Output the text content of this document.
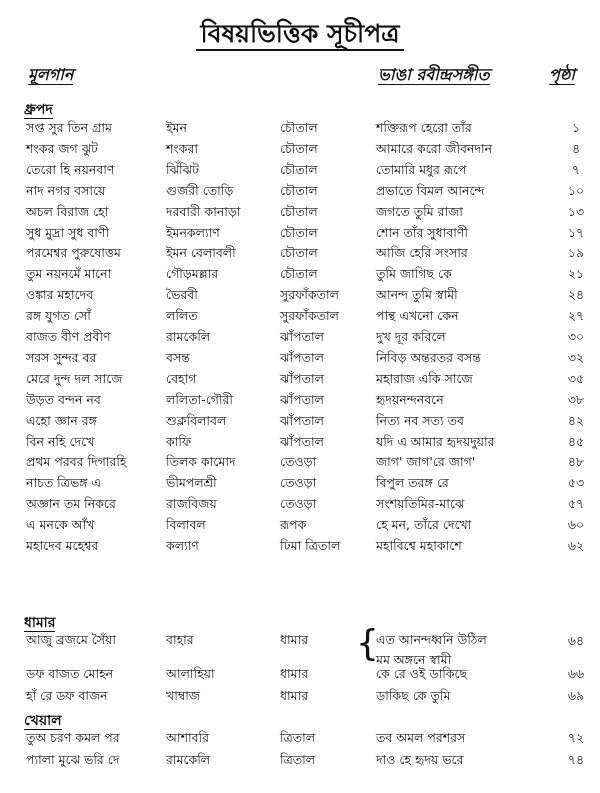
বিষয়ভিত্তিক সূচীপত্র
মূলগান	ভাঙা রবীন্দ্রসঙ্গীত	পৃষ্ঠা
ধ্রুপদ
সপ্ত সুর তিন গ্রাম	ইমন	চৌতাল	শক্তিরূপ হেরো তাঁর	১
শংকর জগ ঝুট	শংকরা	চৌতাল	আমারে করো জীবনদান	৪
তেরো হি নয়নবাণ	ঝিঁঝিট	চৌতাল	তোমারি মধুর রূপে	৭
নাদ নগর বসায়ে	গুর্জরী তোড়ি	চৌতাল	প্রভাতে বিমল আনন্দে	১০
অচল বিরাজ হো	দরবারী কানাড়া	চৌতাল	জগতে তুমি রাজা	১৩
সুধ মুদ্রা সুধ বাণী	ইমনকল্যাণ	চৌতাল	শোন তাঁর সুধাবাণী	১৭
পরমেশ্বর পুরুষোত্তম	ইমন বেলাবলী	চৌতাল	আজি হেরি সংসার	১৯
তুম নয়নমেঁ মানো	গৌড়মল্লার	চৌতাল	তুমি জাগিছ কে	২১
ওঙ্কার মহাদেব	ভৈরবী	সুরফাঁকতাল	আনন্দ তুমি স্বামী	২৪
রঙ্গ যুগত সোঁ	ললিত	সুরফাঁকতাল	পান্থ এখনো কেন	২৭
বাজত বীণ প্রবীণ	রামকেলি	ঝাঁপতাল	দুখ দূর করিলে	৩০
সরস সুন্দর বর	বসন্ত	ঝাঁপতাল	নিবিড় অন্তরতর বসন্ত	৩২
মেরে দুন্দ দল সাজে	বেহাগ	ঝাঁপতাল	মহারাজ একি সাজে	৩৫
উড়ত বন্দন নব	ললিতা-গৌরী	ঝাঁপতাল	হৃদয়নন্দনবনে	৩৮
এহো জ্ঞান রঙ্গ	শুক্লবিলাবল	ঝাঁপতাল	নিত্য নব সত্য তব	৪২
বিন নহি দেখে	কাফি	ঝাঁপতাল	যদি এ আমার হৃদয়দুয়ার	৪৫
প্রথম পরবর দিগারহি	তিলক কামোদ	তেওড়া	জাগ' জাগ'রে জাগ'	৪৮
নাচত ত্রিভঙ্গ এ	ভীমপলশ্রী	তেওড়া	বিপুল তরঙ্গ রে	৫৩
অজ্ঞান তম নিকরে	রাজবিজয়	তেওড়া	সংশয়তিমির-মাঝে	৫৭
এ মনকে আঁখ	বিলাবল	রূপক	হে মন, তাঁরে দেখো	৬০
মহাদেব মহেশ্বর	কল্যাণ	ঢিমা ত্রিতাল	মহাবিশ্বে মহাকাশে	৬২
ধামার
আজু ব্রজমে সৈঁয়া	বাহার	ধামার	এত আনন্দধ্বনি উঠিল	৬৪
{
মম অঙ্গনে স্বামী
ডফ বাজত মোহন	আলাহিয়া	ধামার	কে রে ওই ডাকিছে	৬৬
হাঁ রে ডফ বাজন	খাম্বাজ	ধামার	ডাকিছ কে তুমি	৬৯
খেয়াল
তুঅ চরণ কমল পর	আশাবরি	ত্রিতাল	তব অমল পরশরস	৭২
প্যালা মুঝে ভরি দে	রামকেলি	ত্রিতাল	দাও হে হৃদয় ভরে	৭৪
